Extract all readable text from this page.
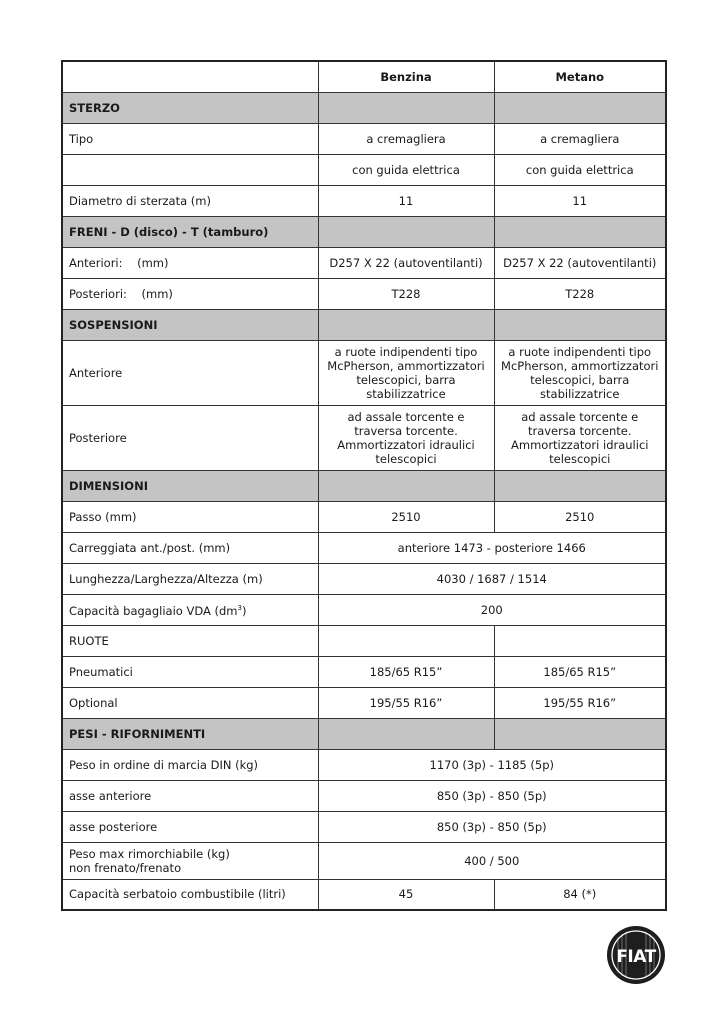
	Benzina	Metano
STERZO		
Tipo	a cremagliera	a cremagliera
	con guida elettrica	con guida elettrica
Diametro di sterzata (m)	11	11
FRENI - D (disco) - T (tamburo)		
Anteriori:    (mm)	D257 X 22 (autoventilanti)	D257 X 22 (autoventilanti)
Posteriori:    (mm)	T228	T228
SOSPENSIONI		
Anteriore	a ruote indipendenti tipo McPherson, ammortizzatori telescopici, barra stabilizzatrice	a ruote indipendenti tipo McPherson, ammortizzatori telescopici, barra stabilizzatrice
Posteriore	ad assale torcente e traversa torcente. Ammortizzatori idraulici telescopici	ad assale torcente e traversa torcente. Ammortizzatori idraulici telescopici
DIMENSIONI		
Passo (mm)	2510	2510
Carreggiata ant./post. (mm)	anteriore 1473 - posteriore 1466	
Lunghezza/Larghezza/Altezza (m)	4030 / 1687 / 1514	
Capacità bagagliaio VDA $(dm^3)$	200	
RUOTE		
Pneumatici	185/65 R15”	185/65 R15”
Optional	195/55 R16”	195/55 R16”
PESI - RIFORNIMENTI		
Peso in ordine di marcia DIN (kg)	1170 (3p) - 1185 (5p)	
asse anteriore	850 (3p) - 850 (5p)	
asse posteriore	850 (3p) - 850 (5p)	

Peso max rimorchiabile (kg)
non frenato/frenato	400 / 500	
Capacità serbatoio combustibile (litri)	45	84 (*)
FIAT
